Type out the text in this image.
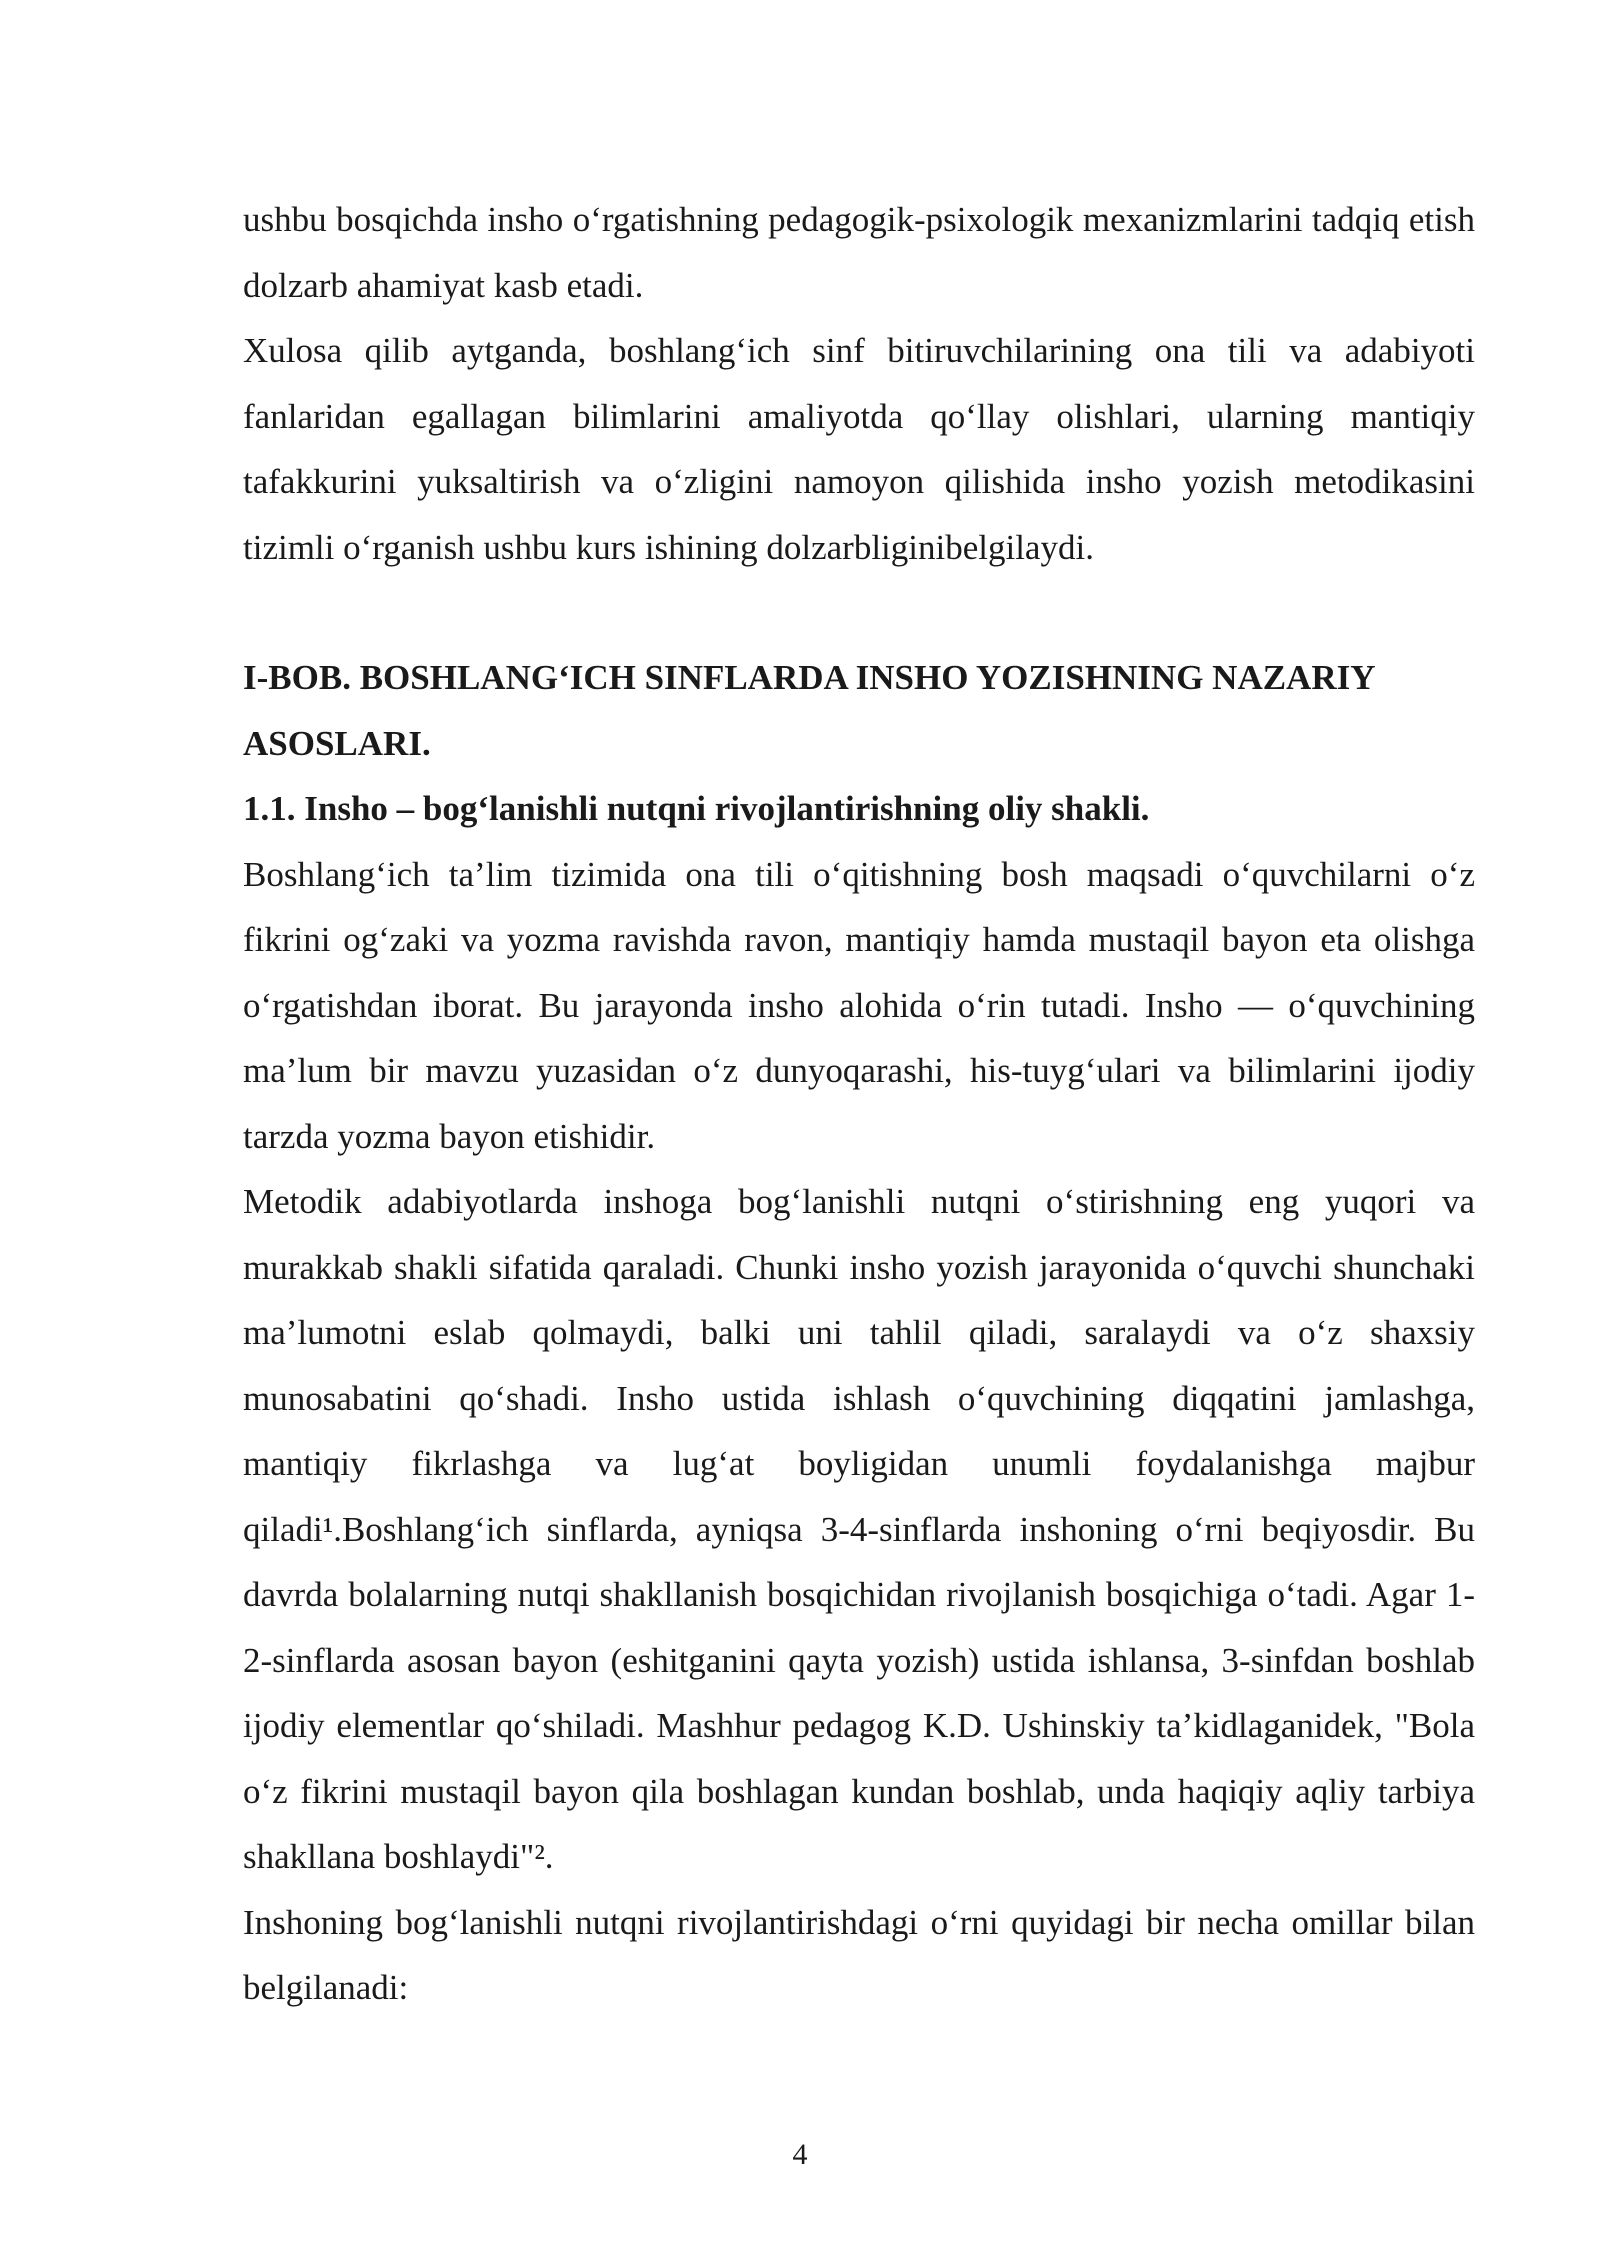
ushbu bosqichda insho o‘rgatishning pedagogik-psixologik mexanizmlarini tadqiq etish dolzarb ahamiyat kasb etadi.

Xulosa qilib aytganda, boshlang‘ich sinf bitiruvchilarining ona tili va adabiyoti fanlaridan egallagan bilimlarini amaliyotda qo‘llay olishlari, ularning mantiqiy tafakkurini yuksaltirish va o‘zligini namoyon qilishida insho yozish metodikasini tizimli o‘rganish ushbu kurs ishining dolzarbliginibelgilaydi.

I-BOB. BOSHLANG‘ICH SINFLARDA INSHO YOZISHNING NAZARIY ASOSLARI.
1.1. Insho – bog‘lanishli nutqni rivojlantirishning oliy shakli.

Boshlang‘ich ta’lim tizimida ona tili o‘qitishning bosh maqsadi o‘quvchilarni o‘z fikrini og‘zaki va yozma ravishda ravon, mantiqiy hamda mustaqil bayon eta olishga o‘rgatishdan iborat. Bu jarayonda insho alohida o‘rin tutadi. Insho — o‘quvchining ma’lum bir mavzu yuzasidan o‘z dunyoqarashi, his-tuyg‘ulari va bilimlarini ijodiy tarzda yozma bayon etishidir.

Metodik adabiyotlarda inshoga bog‘lanishli nutqni o‘stirishning eng yuqori va murakkab shakli sifatida qaraladi. Chunki insho yozish jarayonida o‘quvchi shunchaki ma’lumotni eslab qolmaydi, balki uni tahlil qiladi, saralaydi va o‘z shaxsiy munosabatini qo‘shadi. Insho ustida ishlash o‘quvchining diqqatini jamlashga, mantiqiy fikrlashga va lug‘at boyligidan unumli foydalanishga majbur qiladi¹.Boshlang‘ich sinflarda, ayniqsa 3-4-sinflarda inshoning o‘rni beqiyosdir. Bu davrda bolalarning nutqi shakllanish bosqichidan rivojlanish bosqichiga o‘tadi. Agar 1-2-sinflarda asosan bayon (eshitganini qayta yozish) ustida ishlansa, 3-sinfdan boshlab ijodiy elementlar qo‘shiladi. Mashhur pedagog K.D. Ushinskiy ta’kidlaganidek, "Bola o‘z fikrini mustaqil bayon qila boshlagan kundan boshlab, unda haqiqiy aqliy tarbiya shakllana boshlaydi"².

Inshoning bog‘lanishli nutqni rivojlantirishdagi o‘rni quyidagi bir necha omillar bilan belgilanadi:

4
